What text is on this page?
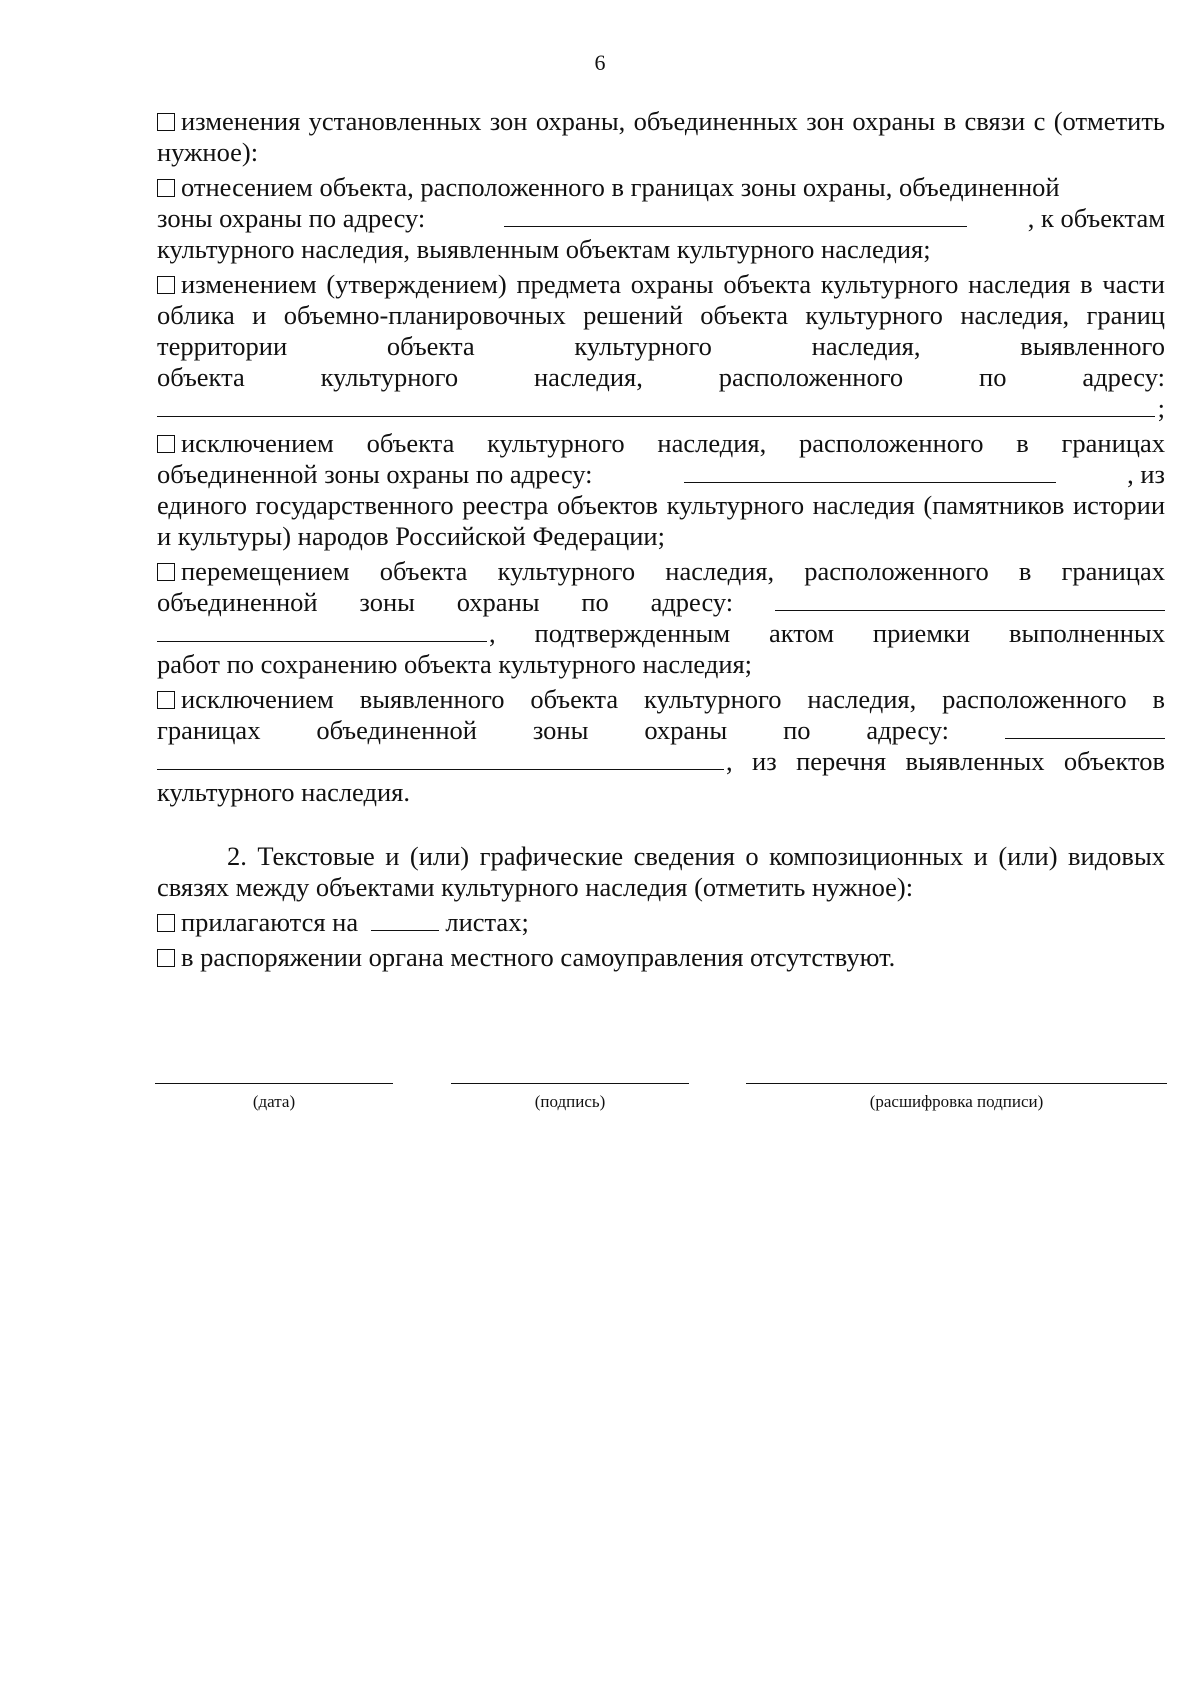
6

изменения установленных зон охраны, объединенных зон охраны в связи с (отметить нужное):

отнесением объекта, расположенного в границах зоны охраны, объединенной
зоны охраны по адресу:	, к объектам
культурного наследия, выявленным объектам культурного наследия;
изменением (утверждением) предмета охраны объекта культурного наследия в части облика и объемно-планировочных решений объекта культурного наследия, границ территории объекта культурного наследия, выявленного
объекта	культурного	наследия,	расположенного	по	адресу:
;
исключением объекта культурного наследия, расположенного в границах
объединенной зоны охраны по адресу:	, из
единого государственного реестра объектов культурного наследия (памятников истории и культуры) народов Российской Федерации;
перемещением объекта культурного наследия, расположенного в границах
объединенной зоны охраны по адресу:
, подтвержденным актом приемки выполненных
работ по сохранению объекта культурного наследия;
исключением выявленного объекта культурного наследия, расположенного в
границах объединенной зоны охраны по адресу:
, из перечня выявленных объектов
культурного наследия.
2. Текстовые и (или) графические сведения о композиционных и (или) видовых связях между объектами культурного наследия (отметить нужное):
прилагаются на	листах;
в распоряжении органа местного самоуправления отсутствуют.
(дата)	(подпись)	(расшифровка подписи)
